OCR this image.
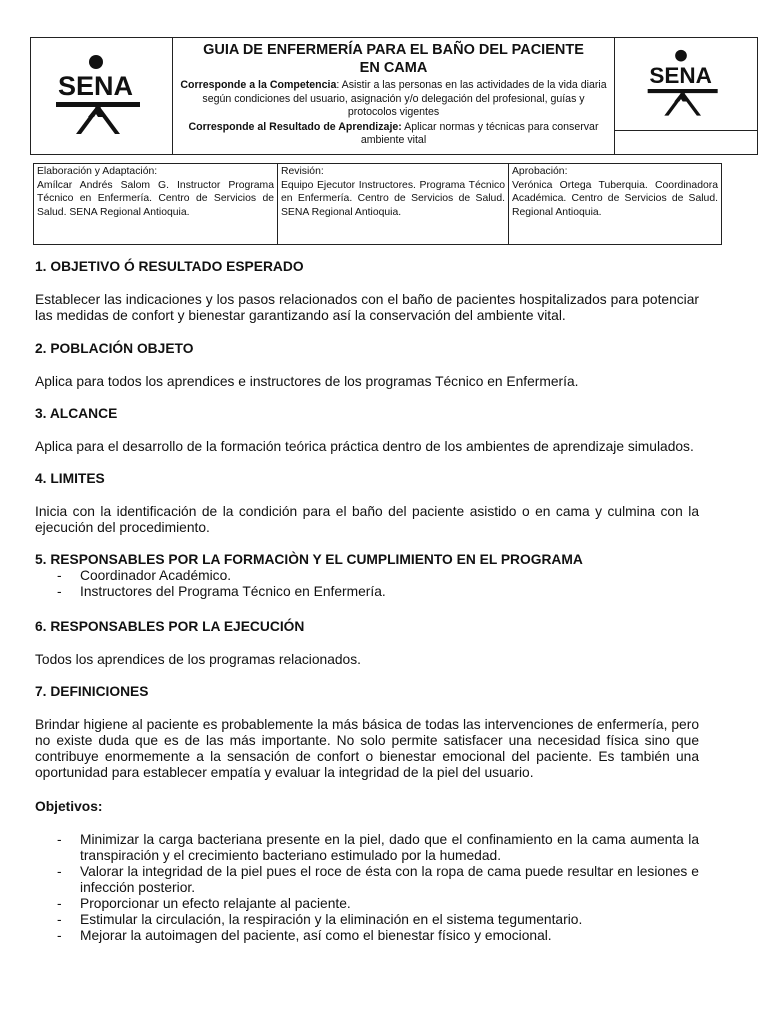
SENA
GUIA DE ENFERMERÍA PARA EL BAÑO DEL PACIENTE
EN CAMA
Corresponde a la Competencia: Asistir a las personas en las actividades de la vida diaria según condiciones del usuario, asignación y/o delegación del profesional, guías y protocolos vigentes
Corresponde al Resultado de Aprendizaje: Aplicar normas y técnicas para conservar ambiente vital
SENA
Elaboración y Adaptación:
Amílcar Andrés Salom G. Instructor Programa Técnico en Enfermería. Centro de Servicios de Salud. SENA Regional Antioquia.
Revisión:
Equipo Ejecutor Instructores. Programa Técnico en Enfermería. Centro de Servicios de Salud. SENA Regional Antioquia.
Aprobación:
Verónica Ortega Tuberquia. Coordinadora Académica. Centro de Servicios de Salud. Regional Antioquia.

1. OBJETIVO Ó RESULTADO ESPERADO

Establecer las indicaciones y los pasos relacionados con el baño de pacientes hospitalizados para potenciar las medidas de confort y bienestar garantizando así la conservación del ambiente vital.

2. POBLACIÓN OBJETO

Aplica para todos los aprendices e instructores de los programas Técnico en Enfermería.

3. ALCANCE

Aplica para el desarrollo de la formación teórica práctica dentro de los ambientes de aprendizaje simulados.

4. LIMITES

Inicia con la identificación de la condición para el baño del paciente asistido o en cama y culmina con la ejecución del procedimiento.

5. RESPONSABLES POR LA FORMACIÒN Y EL CUMPLIMIENTO EN EL PROGRAMA

- Coordinador Académico.
- Instructores del Programa Técnico en Enfermería.

6. RESPONSABLES POR LA EJECUCIÓN

Todos los aprendices de los programas relacionados.

7. DEFINICIONES

Brindar higiene al paciente es probablemente la más básica de todas las intervenciones de enfermería, pero no existe duda que es de las más importante. No solo permite satisfacer una necesidad física sino que contribuye enormemente a la sensación de confort o bienestar emocional del paciente. Es también una oportunidad para establecer empatía y evaluar la integridad de la piel del usuario.

Objetivos:

- Minimizar la carga bacteriana presente en la piel, dado que el confinamiento en la cama aumenta la transpiración y el crecimiento bacteriano estimulado por la humedad.
- Valorar la integridad de la piel pues el roce de ésta con la ropa de cama puede resultar en lesiones e infección posterior.
- Proporcionar un efecto relajante al paciente.
- Estimular la circulación, la respiración y la eliminación en el sistema tegumentario.
- Mejorar la autoimagen del paciente, así como el bienestar físico y emocional.
